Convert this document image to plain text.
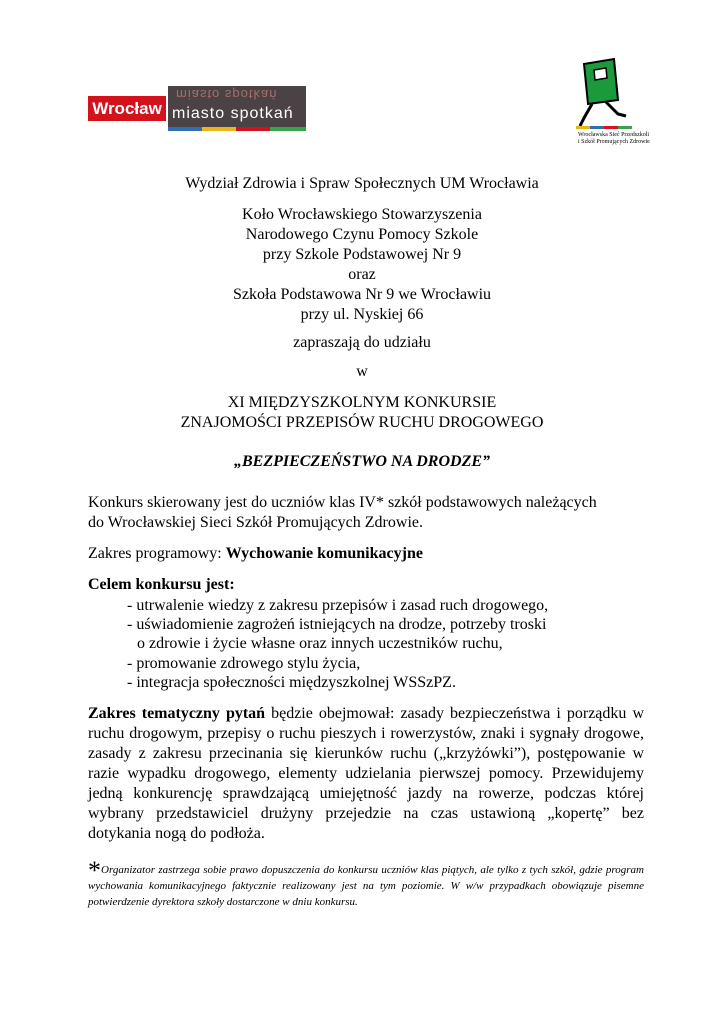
Wrocław
miasto spotkań
miasto spotkań
Wrocławska Sieć Przedszkoli
i Szkół Promujących Zdrowie
Wydział Zdrowia i Spraw Społecznych UM Wrocławia
Koło Wrocławskiego Stowarzyszenia
Narodowego Czynu Pomocy Szkole
przy Szkole Podstawowej Nr 9
oraz
Szkoła Podstawowa Nr 9 we Wrocławiu
przy ul. Nyskiej 66
zapraszają do udziału
w
XI MIĘDZYSZKOLNYM KONKURSIE
ZNAJOMOŚCI PRZEPISÓW RUCHU DROGOWEGO
„BEZPIECZEŃSTWO NA DRODZE”
Konkurs skierowany jest do uczniów klas IV* szkół podstawowych należących
do Wrocławskiej Sieci Szkół Promujących Zdrowie.
Zakres programowy: Wychowanie komunikacyjne
Celem konkursu jest:
- utrwalenie wiedzy z zakresu przepisów i zasad ruch drogowego,
- uświadomienie zagrożeń istniejących na drodze, potrzeby troski
o zdrowie i życie własne oraz innych uczestników ruchu,
- promowanie zdrowego stylu życia,
- integracja społeczności międzyszkolnej WSSzPZ.
Zakres tematyczny pytań będzie obejmował: zasady bezpieczeństwa i porządku w ruchu drogowym, przepisy o ruchu pieszych i rowerzystów, znaki i sygnały drogowe, zasady z zakresu przecinania się kierunków ruchu („krzyżówki”), postępowanie w razie wypadku drogowego, elementy udzielania pierwszej pomocy. Przewidujemy jedną konkurencję sprawdzającą umiejętność jazdy na rowerze, podczas której wybrany przedstawiciel drużyny przejedzie na czas ustawioną „kopertę” bez dotykania nogą do podłoża.
*Organizator zastrzega sobie prawo dopuszczenia do konkursu uczniów klas piątych, ale tylko z tych szkół, gdzie program wychowania komunikacyjnego faktycznie realizowany jest na tym poziomie. W w/w przypadkach obowiązuje pisemne potwierdzenie dyrektora szkoły dostarczone w dniu konkursu.
